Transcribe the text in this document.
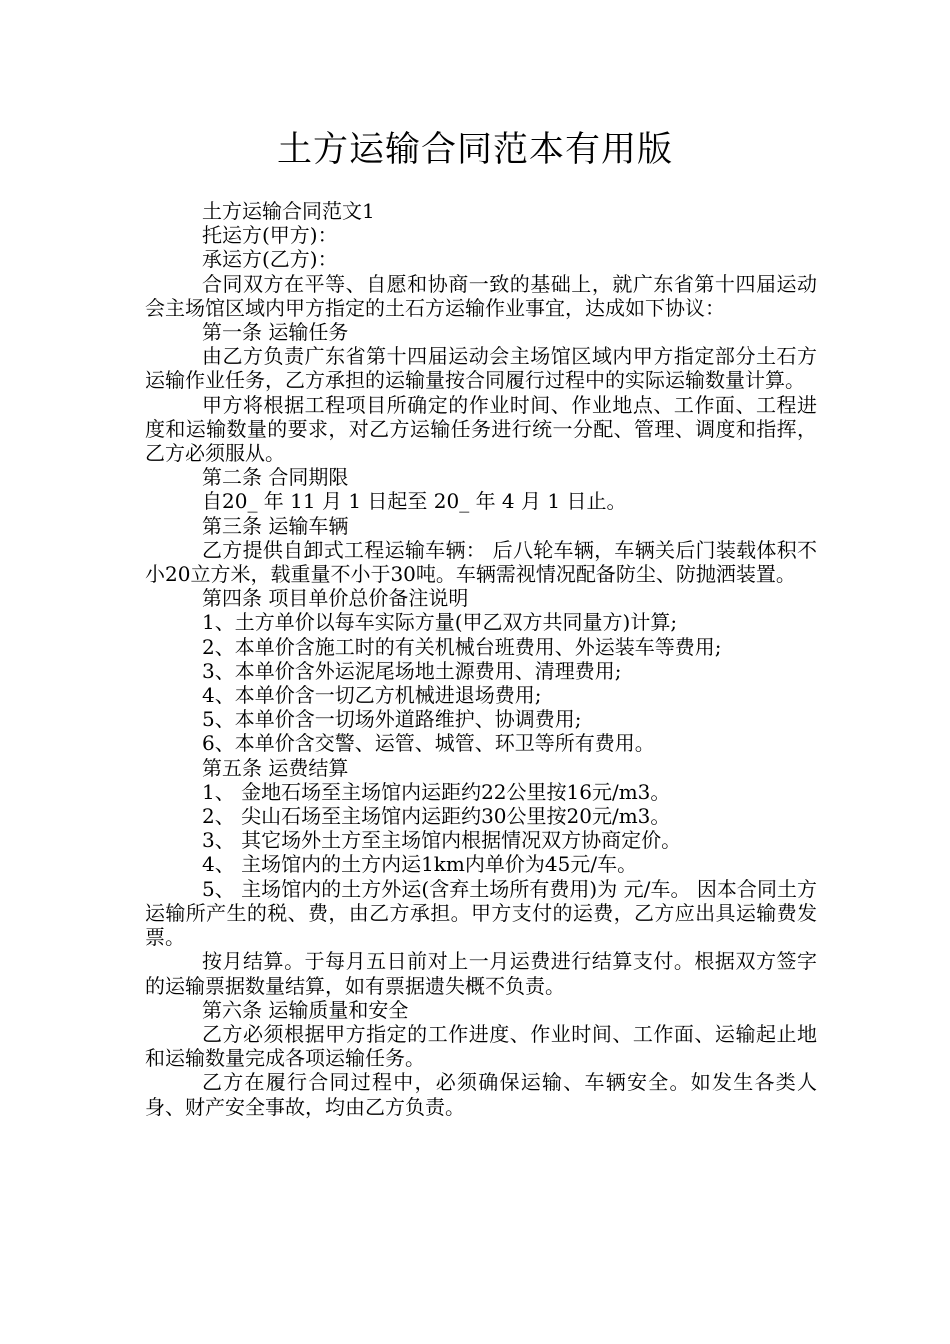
土方运输合同范本有用版

土方运输合同范文1

托运方(甲方)：

承运方(乙方)：

合同双方在平等、自愿和协商一致的基础上，就广东省第十四届运动会主场馆区域内甲方指定的土石方运输作业事宜，达成如下协议：

第一条 运输任务

由乙方负责广东省第十四届运动会主场馆区域内甲方指定部分土石方运输作业任务，乙方承担的运输量按合同履行过程中的实际运输数量计算。

甲方将根据工程项目所确定的作业时间、作业地点、工作面、工程进度和运输数量的要求，对乙方运输任务进行统一分配、管理、调度和指挥，乙方必须服从。

第二条 合同期限

自20_ 年 11 月 1 日起至 20_ 年 4 月 1 日止。

第三条 运输车辆

乙方提供自卸式工程运输车辆： 后八轮车辆，车辆关后门装载体积不小20立方米，载重量不小于30吨。车辆需视情况配备防尘、防抛洒装置。

第四条 项目单价总价备注说明

1、土方单价以每车实际方量(甲乙双方共同量方)计算;

2、本单价含施工时的有关机械台班费用、外运装车等费用;

3、本单价含外运泥尾场地土源费用、清理费用;

4、本单价含一切乙方机械进退场费用;

5、本单价含一切场外道路维护、协调费用;

6、本单价含交警、运管、城管、环卫等所有费用。

第五条 运费结算

1、 金地石场至主场馆内运距约22公里按16元/m3。

2、 尖山石场至主场馆内运距约30公里按20元/m3。

3、 其它场外土方至主场馆内根据情况双方协商定价。

4、 主场馆内的土方内运1km内单价为45元/车。

5、 主场馆内的土方外运(含弃土场所有费用)为 元/车。 因本合同土方运输所产生的税、费，由乙方承担。甲方支付的运费，乙方应出具运输费发票。

按月结算。于每月五日前对上一月运费进行结算支付。根据双方签字的运输票据数量结算，如有票据遗失概不负责。

第六条 运输质量和安全

乙方必须根据甲方指定的工作进度、作业时间、工作面、运输起止地和运输数量完成各项运输任务。

乙方在履行合同过程中，必须确保运输、车辆安全。如发生各类人身、财产安全事故，均由乙方负责。
